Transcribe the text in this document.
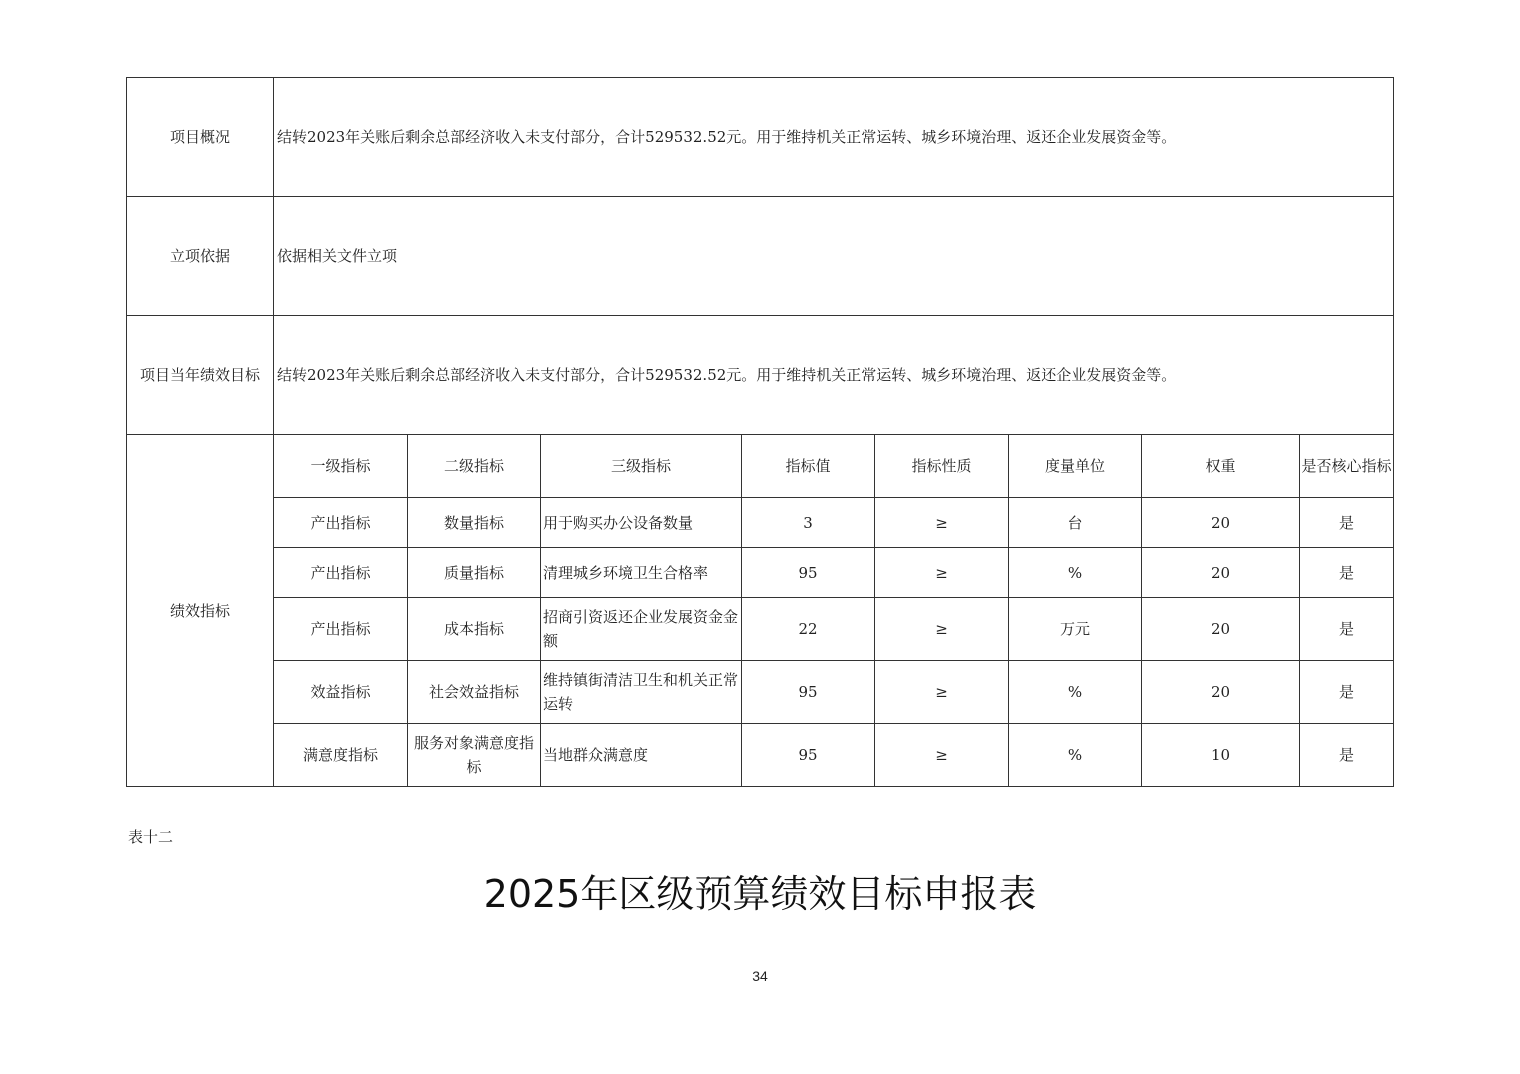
项目概况	结转2023年关账后剩余总部经济收入未支付部分，合计529532.52元。用于维持机关正常运转、城乡环境治理、返还企业发展资金等。							
立项依据	依据相关文件立项							
项目当年绩效目标	结转2023年关账后剩余总部经济收入未支付部分，合计529532.52元。用于维持机关正常运转、城乡环境治理、返还企业发展资金等。							
绩效指标	一级指标	二级指标	三级指标	指标值	指标性质	度量单位	权重	是否核心指标
	产出指标	数量指标	用于购买办公设备数量	3	≥	台	20	是
	产出指标	质量指标	清理城乡环境卫生合格率	95	≥	%	20	是
	产出指标	成本指标	招商引资返还企业发展资金金额	22	≥	万元	20	是
	效益指标	社会效益指标	维持镇街清洁卫生和机关正常运转	95	≥	%	20	是
	满意度指标	服务对象满意度指标	当地群众满意度	95	≥	%	10	是
表十二
2025年区级预算绩效目标申报表
34
